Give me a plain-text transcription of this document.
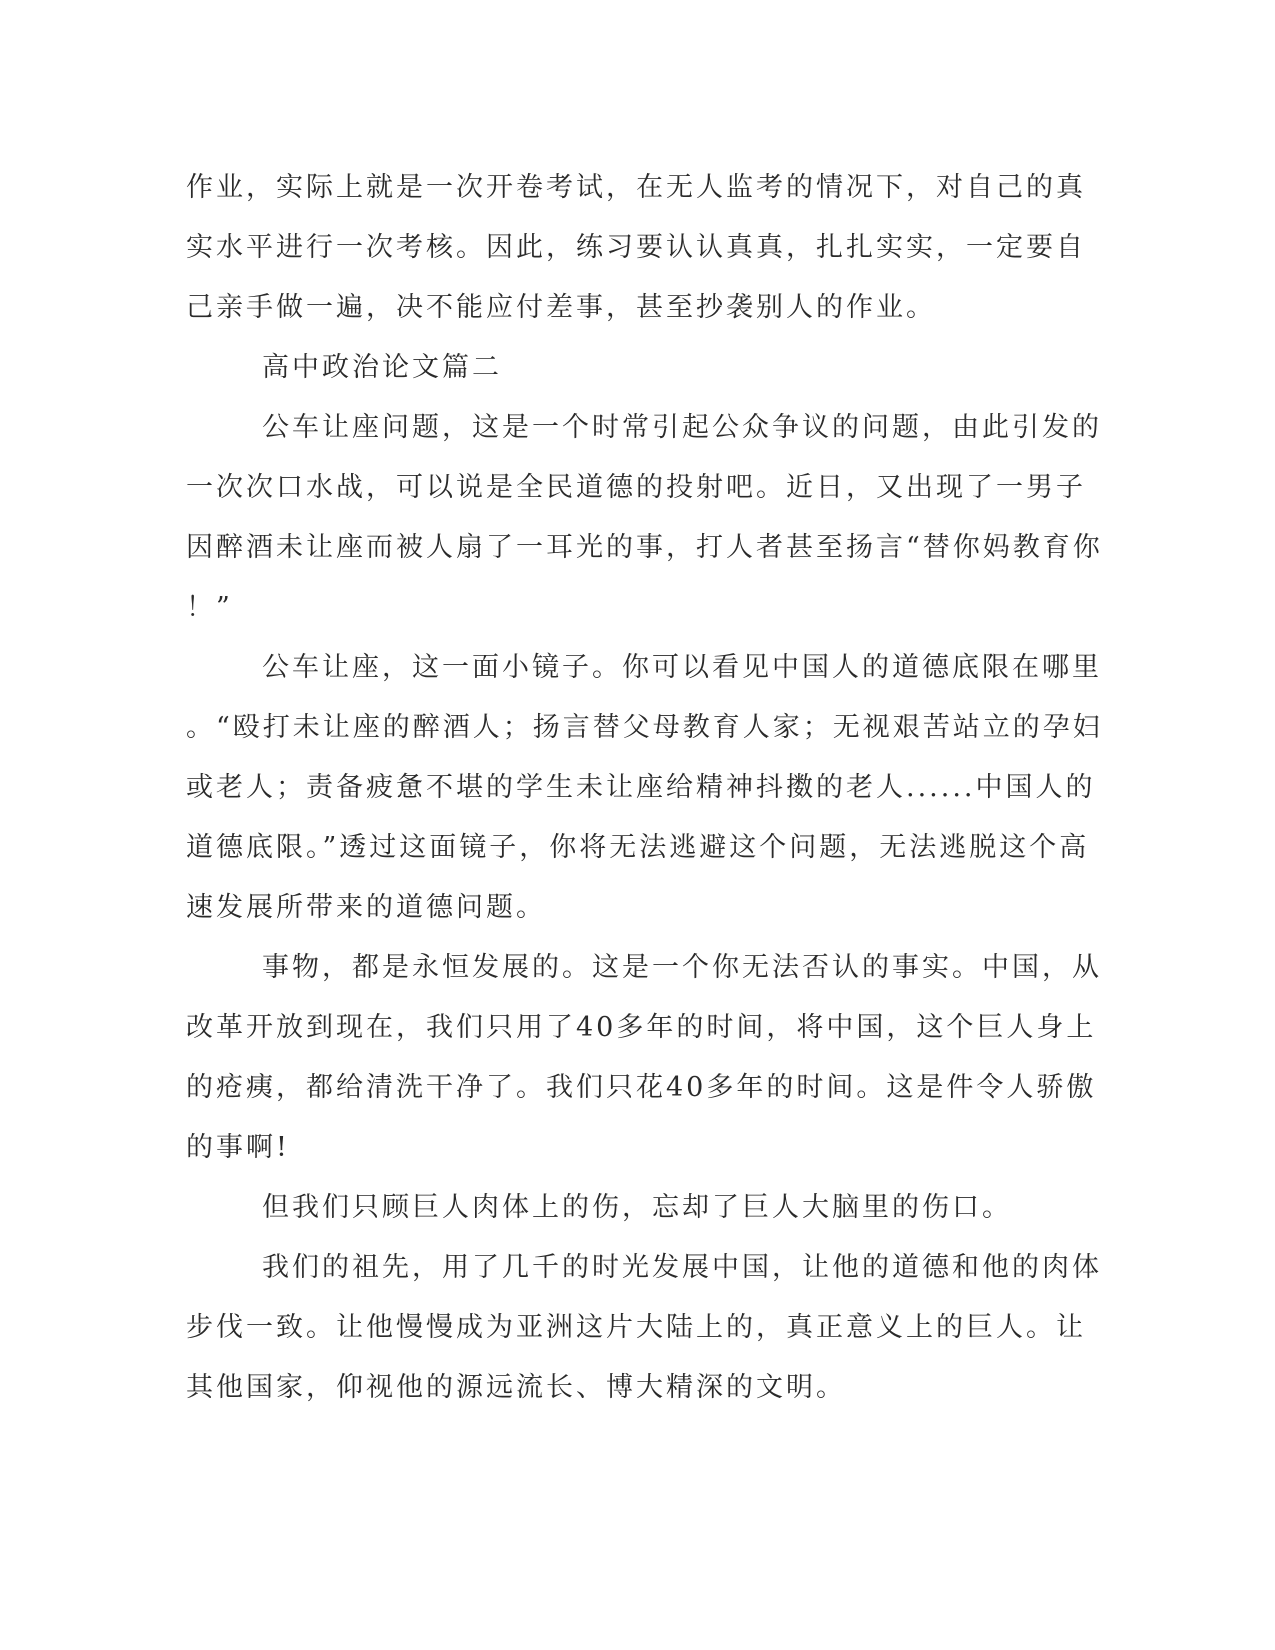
作业，实际上就是一次开卷考试，在无人监考的情况下，对自己的真
实水平进行一次考核。因此，练习要认认真真，扎扎实实，一定要自
己亲手做一遍，决不能应付差事，甚至抄袭别人的作业。
高中政治论文篇二
公车让座问题，这是一个时常引起公众争议的问题，由此引发的
一次次口水战，可以说是全民道德的投射吧。近日，又出现了一男子
因醉酒未让座而被人扇了一耳光的事，打人者甚至扬言“替你妈教育你
！”
公车让座，这一面小镜子。你可以看见中国人的道德底限在哪里
。“殴打未让座的醉酒人；扬言替父母教育人家；无视艰苦站立的孕妇
或老人；责备疲惫不堪的学生未让座给精神抖擞的老人......中国人的
道德底限。”透过这面镜子，你将无法逃避这个问题，无法逃脱这个高
速发展所带来的道德问题。
事物，都是永恒发展的。这是一个你无法否认的事实。中国，从
改革开放到现在，我们只用了40多年的时间，将中国，这个巨人身上
的疮痍，都给清洗干净了。我们只花40多年的时间。这是件令人骄傲
的事啊!
但我们只顾巨人肉体上的伤，忘却了巨人大脑里的伤口。
我们的祖先，用了几千的时光发展中国，让他的道德和他的肉体
步伐一致。让他慢慢成为亚洲这片大陆上的，真正意义上的巨人。让
其他国家，仰视他的源远流长、博大精深的文明。
